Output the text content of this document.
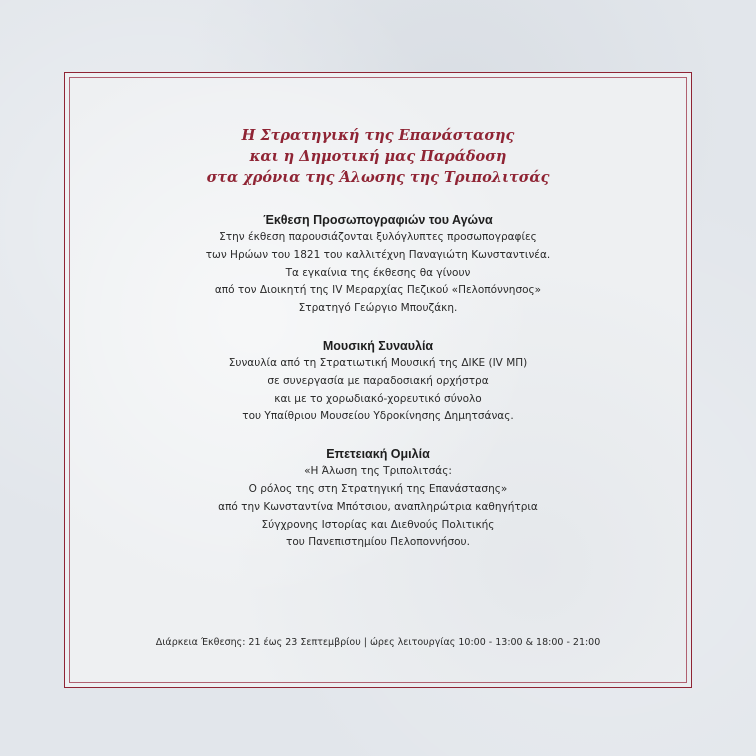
Η Στρατηγική της Επανάστασης
και η Δημοτική μας Παράδοση
στα χρόνια της Άλωσης της Τριπολιτσάς
Έκθεση Προσωπογραφιών του Αγώνα

Στην έκθεση παρουσιάζονται ξυλόγλυπτες προσωπογραφίες
των Ηρώων του 1821 του καλλιτέχνη Παναγιώτη Κωνσταντινέα.
Τα εγκαίνια της έκθεσης θα γίνουν
από τον Διοικητή της IV Μεραρχίας Πεζικού «Πελοπόννησος»
Στρατηγό Γεώργιο Μπουζάκη.

Μουσική Συναυλία

Συναυλία από τη Στρατιωτική Μουσική της ΔΙΚΕ (IV ΜΠ)
σε συνεργασία με παραδοσιακή ορχήστρα
και με το χορωδιακό-χορευτικό σύνολο
του Υπαίθριου Μουσείου Υδροκίνησης Δημητσάνας.

Επετειακή Ομιλία

«Η Άλωση της Τριπολιτσάς:
Ο ρόλος της στη Στρατηγική της Επανάστασης»
από την Κωνσταντίνα Μπότσιου, αναπληρώτρια καθηγήτρια
Σύγχρονης Ιστορίας και Διεθνούς Πολιτικής
του Πανεπιστημίου Πελοποννήσου.

Διάρκεια Έκθεσης: 21 έως 23 Σεπτεμβρίου | ώρες λειτουργίας 10:00 - 13:00 & 18:00 - 21:00
